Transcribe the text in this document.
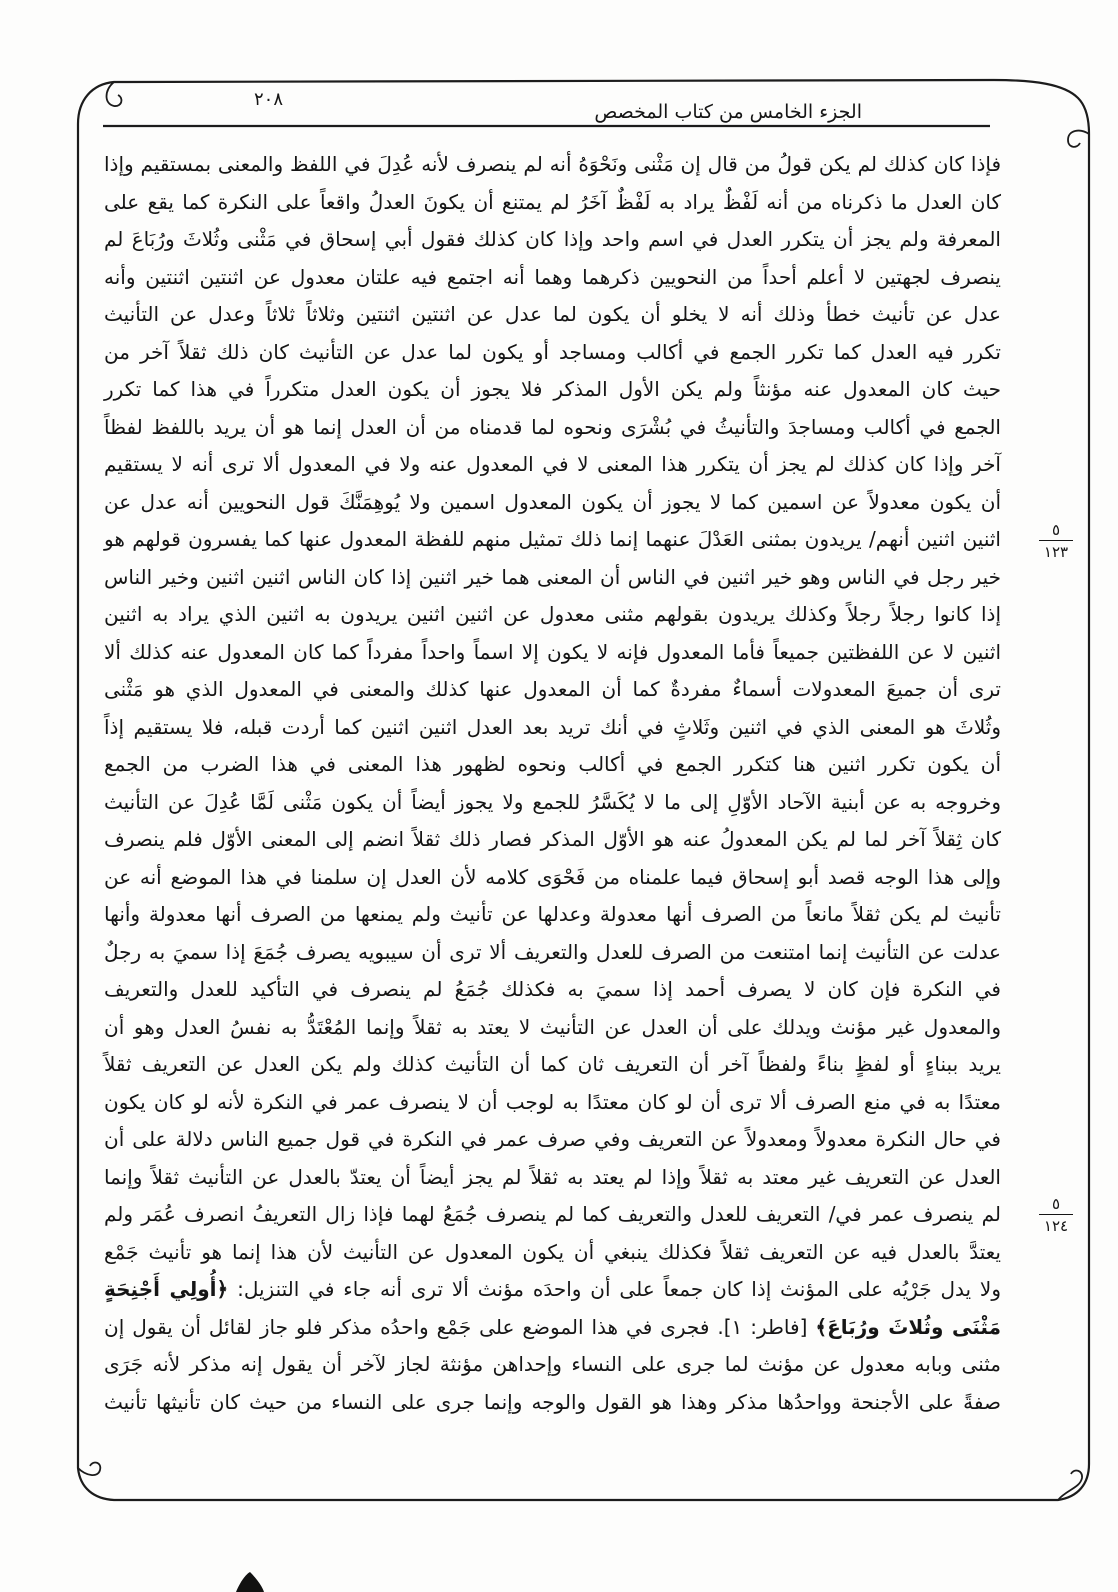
الجزء الخامس من كتاب المخصص
٢٠٨
٥
١٢٣
٥
١٢٤
فإذا كان كذلك لم يكن قولُ من قال إن مَثْنى ونَحْوَهُ أنه لم ينصرف لأنه عُدِلَ في اللفظ والمعنى بمستقيم وإذا
كان العدل ما ذكرناه من أنه لَفْظٌ يراد به لَفْظٌ آخَرُ لم يمتنع أن يكونَ العدلُ واقعاً على النكرة كما يقع على
المعرفة ولم يجز أن يتكرر العدل في اسم واحد وإذا كان كذلك فقول أبي إسحاق في مَثْنى وثُلاثَ ورُبَاعَ لم
ينصرف لجهتين لا أعلم أحداً من النحويين ذكرهما وهما أنه اجتمع فيه علتان معدول عن اثنتين اثنتين وأنه
عدل عن تأنيث خطأ وذلك أنه لا يخلو أن يكون لما عدل عن اثنتين اثنتين وثلاثاً ثلاثاً وعدل عن التأنيث
تكرر فيه العدل كما تكرر الجمع في أكالب ومساجد أو يكون لما عدل عن التأنيث كان ذلك ثقلاً آخر من
حيث كان المعدول عنه مؤنثاً ولم يكن الأول المذكر فلا يجوز أن يكون العدل متكرراً في هذا كما تكرر
الجمع في أكالب ومساجدَ والتأنيثُ في بُشْرَى ونحوه لما قدمناه من أن العدل إنما هو أن يريد باللفظ لفظاً
آخر وإذا كان كذلك لم يجز أن يتكرر هذا المعنى لا في المعدول عنه ولا في المعدول ألا ترى أنه لا يستقيم
أن يكون معدولاً عن اسمين كما لا يجوز أن يكون المعدول اسمين ولا يُوهِمَنَّكَ قول النحويين أنه عدل عن
اثنين اثنين أنهم/ يريدون بمثنى العَدْلَ عنهما إنما ذلك تمثيل منهم للفظة المعدول عنها كما يفسرون قولهم هو
خير رجل في الناس وهو خير اثنين في الناس أن المعنى هما خير اثنين إذا كان الناس اثنين اثنين وخير الناس
إذا كانوا رجلاً رجلاً وكذلك يريدون بقولهم مثنى معدول عن اثنين اثنين يريدون به اثنين الذي يراد به اثنين
اثنين لا عن اللفظتين جميعاً فأما المعدول فإنه لا يكون إلا اسماً واحداً مفرداً كما كان المعدول عنه كذلك ألا
ترى أن جميعَ المعدولات أسماءٌ مفردةٌ كما أن المعدول عنها كذلك والمعنى في المعدول الذي هو مَثْنى
وثُلاثَ هو المعنى الذي في اثنين وثَلاثٍ في أنك تريد بعد العدل اثنين اثنين كما أردت قبله، فلا يستقيم إذاً
أن يكون تكرر اثنين هنا كتكرر الجمع في أكالب ونحوه لظهور هذا المعنى في هذا الضرب من الجمع
وخروجه به عن أبنية الآحاد الأوّلِ إلى ما لا يُكَسَّرُ للجمع ولا يجوز أيضاً أن يكون مَثْنى لَمَّا عُدِلَ عن التأنيث
كان ثِقلاً آخر لما لم يكن المعدولُ عنه هو الأوّل المذكر فصار ذلك ثقلاً انضم إلى المعنى الأوّل فلم ينصرف
وإلى هذا الوجه قصد أبو إسحاق فيما علمناه من فَحْوَى كلامه لأن العدل إن سلمنا في هذا الموضع أنه عن
تأنيث لم يكن ثقلاً مانعاً من الصرف أنها معدولة وعدلها عن تأنيث ولم يمنعها من الصرف أنها معدولة وأنها
عدلت عن التأنيث إنما امتنعت من الصرف للعدل والتعريف ألا ترى أن سيبويه يصرف جُمَعَ إذا سميَ به رجلٌ
في النكرة فإن كان لا يصرف أحمد إذا سميَ به فكذلك جُمَعُ لم ينصرف في التأكيد للعدل والتعريف
والمعدول غير مؤنث ويدلك على أن العدل عن التأنيث لا يعتد به ثقلاً وإنما المُعْتَدُّ به نفسُ العدل وهو أن
يريد ببناءٍ أو لفظٍ بناءً ولفظاً آخر أن التعريف ثان كما أن التأنيث كذلك ولم يكن العدل عن التعريف ثقلاً
معتدًا به في منع الصرف ألا ترى أن لو كان معتدًا به لوجب أن لا ينصرف عمر في النكرة لأنه لو كان يكون
في حال النكرة معدولاً ومعدولاً عن التعريف وفي صرف عمر في النكرة في قول جميع الناس دلالة على أن
العدل عن التعريف غير معتد به ثقلاً وإذا لم يعتد به ثقلاً لم يجز أيضاً أن يعتدّ بالعدل عن التأنيث ثقلاً وإنما
لم ينصرف عمر في/ التعريف للعدل والتعريف كما لم ينصرف جُمَعُ لهما فإذا زال التعريفُ انصرف عُمَر ولم
يعتدَّ بالعدل فيه عن التعريف ثقلاً فكذلك ينبغي أن يكون المعدول عن التأنيث لأن هذا إنما هو تأنيث جَمْع
ولا يدل جَرْيُه على المؤنث إذا كان جمعاً على أن واحدَه مؤنث ألا ترى أنه جاء في التنزيل: ﴿أُولِي أَجْنِحَةٍ
مَثْنَى وثُلاثَ ورُبَاعَ﴾ [فاطر: ١]. فجرى في هذا الموضع على جَمْع واحدُه مذكر فلو جاز لقائل أن يقول إن
مثنى وبابه معدول عن مؤنث لما جرى على النساء وإحداهن مؤنثة لجاز لآخر أن يقول إنه مذكر لأنه جَرَى
صفةً على الأجنحة وواحدُها مذكر وهذا هو القول والوجه وإنما جرى على النساء من حيث كان تأنيثها تأنيث
